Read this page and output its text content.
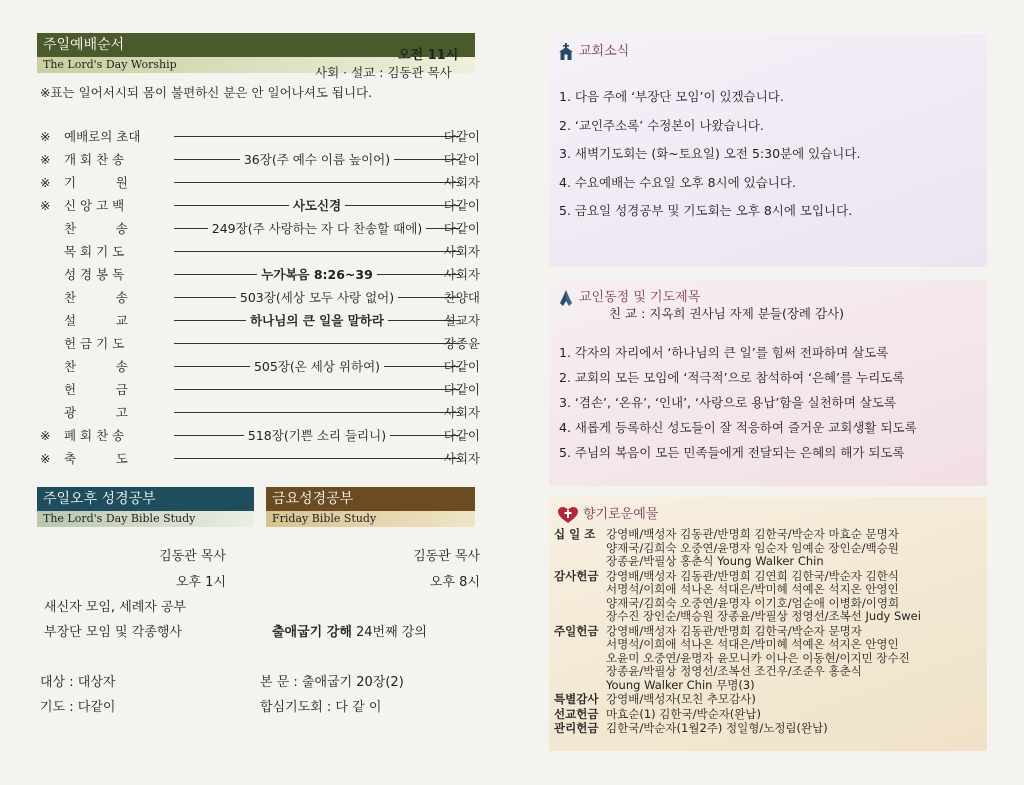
주일예배순서
The Lord's Day Worship
오전 11시
사회 · 설교 : 김동관 목사
※표는 일어서시되 몸이 불편하신 분은 안 일어나셔도 됩니다.
※ 예배로의 초대	다같이
※ 개 회 찬 송	36장(주 예수 이름 높이어)	다같이
※ 기          원	사회자
※ 신 앙 고 백	사도신경	다같이
찬          송	249장(주 사랑하는 자 다 찬송할 때에)	다같이
목 회 기 도	사회자
성 경 봉 독	누가복음 8:26~39	사회자
찬          송	503장(세상 모두 사랑 없어)	찬양대
설          교	하나님의 큰 일을 말하라	설교자
헌 금 기 도	장종윤
찬          송	505장(온 세상 위하여)	다같이
헌          금	다같이
광          고	사회자
※ 폐 회 찬 송	518장(기쁜 소리 들리니)	다같이
※ 축          도	사회자
주일오후 성경공부
The Lord's Day Bible Study
금요성경공부
Friday Bible Study
김동관 목사
오후 1시
새신자 모임, 세례자 공부
부장단 모임 및 각종행사
대상 : 대상자
기도 : 다같이
김동관 목사
오후 8시
출애굽기 강해 24번째 강의
본 문 : 출애굽기 20장(2)
합심기도회 : 다 같 이
교회소식
1. 다음 주에 ‘부장단 모임’이 있겠습니다.
2. ‘교인주소록’ 수정본이 나왔습니다.
3. 새벽기도회는 (화~토요일) 오전 5:30분에 있습니다.
4. 수요예배는 수요일 오후 8시에 있습니다.
5. 금요일 성경공부 및 기도회는 오후 8시에 모입니다.
교인동정 및 기도제목
친 교 : 지옥희 권사님 자제 분들(장례 감사)
1. 각자의 자리에서 ‘하나님의 큰 일’를 힘써 전파하며 살도록
2. 교회의 모든 모임에 ‘적극적’으로 참석하여 ‘은혜’를 누리도록
3. ‘겸손’, ‘온유’, ‘인내’, ‘사랑으로 용납’함을 실천하며 살도록
4. 새롭게 등록하신 성도들이 잘 적응하여 즐거운 교회생활 되도록
5. 주님의 복음이 모든 민족들에게 전달되는 은혜의 해가 되도록
향기로운예물
십 일 조 강영배/백성자 김동관/반명희 김한국/박순자 마효순 문명자
양재국/김희숙 오중연/윤명자 임순자 임예순 장인순/백승원
장종윤/박필상 홍춘식 Young Walker Chin
감사헌금 강영배/백성자 김동관/반명희 김연희 김한국/박순자 김한식
서명석/이희애 석나온 석대은/박미혜 석예온 석지온 안영인
양재국/김희숙 오중연/윤명자 이기호/엄순애 이병화/이영희
장수진 장인순/백승원 장종윤/박필상 정영선/조복선 Judy Swei
주일헌금 강영배/백성자 김동관/반명희 김한국/박순자 문명자
서명석/이희애 석나온 석대은/박미혜 석예온 석지온 안영인
오윤미 오중연/윤명자 윤모니카 이나은 이동현/이지민 장수진
장종윤/박필상 정영선/조복선 조건우/조준우 홍춘식
Young Walker Chin 무명(3)
특별감사 강영배/백성자(모친 추모감사)
선교헌금 마효순(1) 김한국/박순자(완납)
관리헌금 김한국/박순자(1월2주) 정일형/노정림(완납)
